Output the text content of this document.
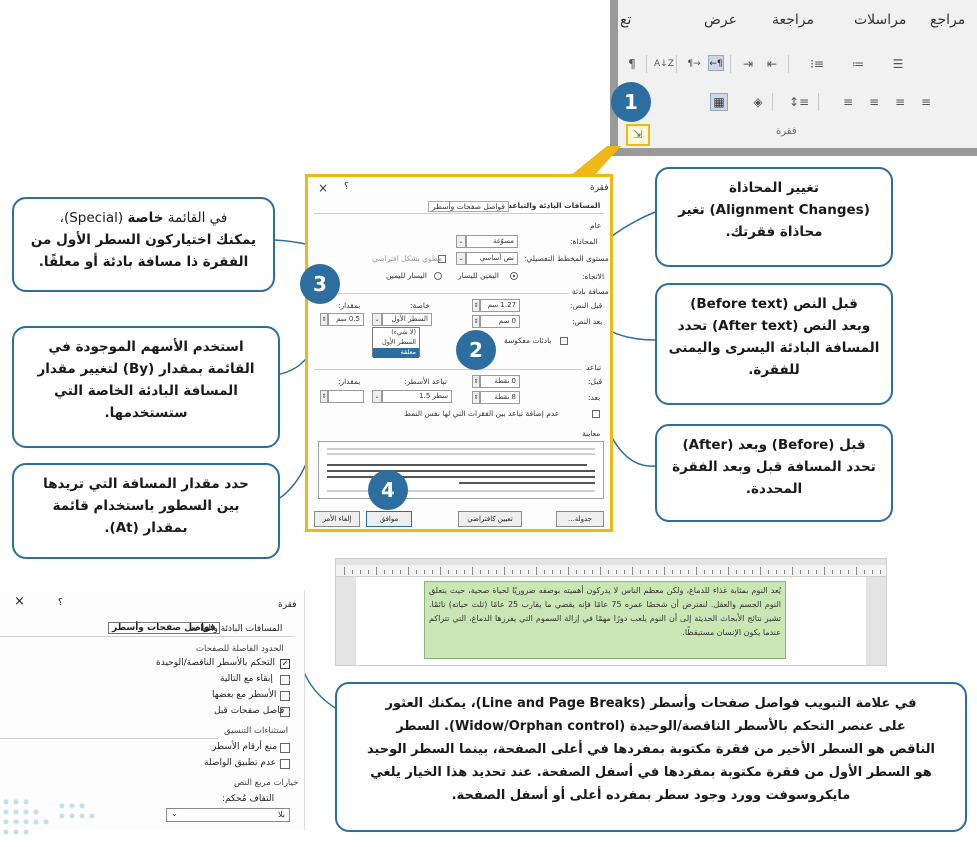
مراجع
مراسلات
مراجعة
عرض
تع
¶	A↓Z ¶→ ←¶ ⇥ ⇤	⁝≡	≔ ☰
▦ ◈ ↕≡	≡ ≡ ≡ ≡
فقرة
⇲
في القائمة خاصة (Special)،
يمكنك اختياركون السطر الأول من
الفقرة ذا مسافة بادئة أو معلقًا.
استخدم الأسهم الموجودة في
القائمة بمقدار (By) لتغيير مقدار
المسافة البادئة الخاصة التي
ستستخدمها.
حدد مقدار المسافة التي تريدها
بين السطور باستخدام قائمة
بمقدار (At).
تغيير المحاذاة
(Alignment Changes) تغير
محاذاة فقرتك.
قبل النص (Before text)
وبعد النص (After text) تحدد
المسافة البادئة اليسرى واليمنى
للفقرة.
قبل (Before) وبعد (After)
تحدد المسافة قبل وبعد الفقرة
المحددة.
في علامة التبويب فواصل صفحات وأسطر (Line and Page Breaks)، يمكنك العثور
على عنصر التحكم بالأسطر الناقصة/الوحيدة (Widow/Orphan control). السطر
الناقص هو السطر الأخير من فقرة مكتوبة بمفردها في أعلى الصفحة، بينما السطر الوحيد
هو السطر الأول من فقرة مكتوبة بمفردها في أسفل الصفحة. عند تحديد هذا الخيار يلغي
مايكروسوفت وورد وجود سطر بمفرده أعلى أو أسفل الصفحة.
فقرة
؟
×
المسافات البادئة والتباعد
فواصل صفحات وأسطر
عام
المحاذاة:
مسوّغة
⌄
مستوى المخطط التفصيلي:
نص أساسي
⌄
مطوي بشكل افتراضي
الاتجاه:
اليمين لليسار
اليسار لليمين
مسافة بادئة
قبل النص:
1.27 سم
⇕
بعد النص:
0 سم
⇕
خاصة:
بمقدار:
السطر الأول
⌄
0.5 سم
⇕
(لا شيء)
السطر الأول
معلقة
بادئات معكوسة
تباعد
قبل:
0 نقطة
⇕
بعد:
8 نقطة
⇕
تباعد الأسطر:
بمقدار:
سطر 1.5
⌄
⇕
عدم إضافة تباعد بين الفقرات التي لها نفس النمط
معاينة
جدولة...
تعيين كافتراضي
موافق
إلغاء الأمر
1
2
3
4
فقرة
؟
×
المسافات البادئة والتباعد
فواصل صفحات وأسطر
الحدود الفاصلة للصفحات
✓
التحكم بالأسطر الناقصة/الوحيدة
إبقاء مع التالية
الأسطر مع بعضها
فاصل صفحات قبل
استثناءات التنسيق
منع أرقام الأسطر
عدم تطبيق الواصلة
خيارات مربع النص
التفاف مُحكم:
بلا
⌄
يُعد النوم بمثابة غذاء للدماغ، ولكن معظم الناس لا يدركون أهميته بوصفه ضروريًا لحياة صحية، حيث يتعلق النوم الجسم والعقل. لنفترض أن شخصًا عمره 75 عامًا فإنه يقضي ما يقارب 25 عامًا (ثلث حياته) نائمًا. تشير نتائج الأبحاث الحديثة إلى أن النوم يلعب دورًا مهمًا في إزالة السموم التي يفرزها الدماغ، التي تتراكم عندما يكون الإنسان مستيقظًا.
